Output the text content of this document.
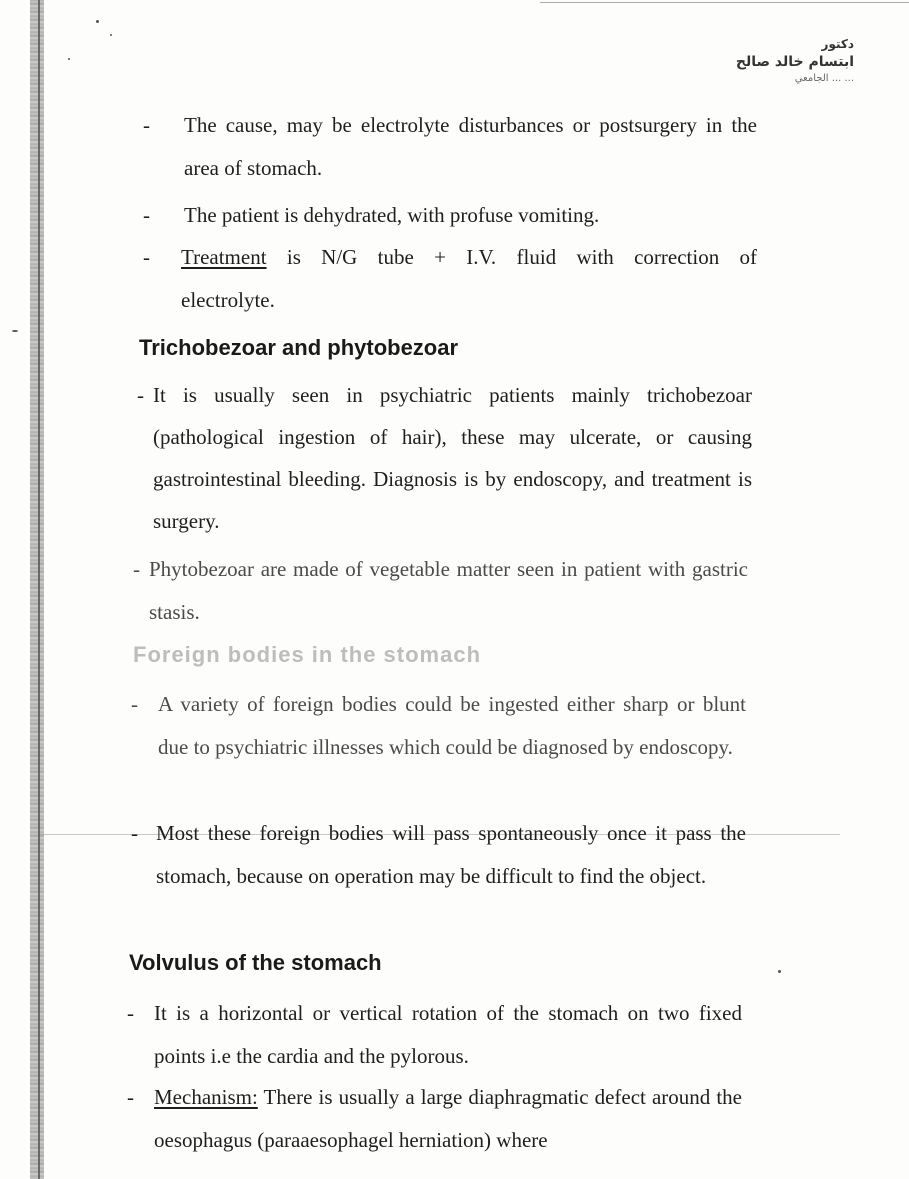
دكتور
ابتسام خالد صالح
... ... الجامعي
- The cause, may be electrolyte disturbances or postsurgery in the area of stomach.
- The patient is dehydrated, with profuse vomiting.
- Treatment is N/G tube + I.V. fluid with correction of electrolyte.
Trichobezoar and phytobezoar
- It is usually seen in psychiatric patients mainly trichobezoar (pathological ingestion of hair), these may ulcerate, or causing gastrointestinal bleeding. Diagnosis is by endoscopy, and treatment is surgery.
- Phytobezoar are made of vegetable matter seen in patient with gastric stasis.
Foreign bodies in the stomach
- A variety of foreign bodies could be ingested either sharp or blunt due to psychiatric illnesses which could be diagnosed by endoscopy.
- Most these foreign bodies will pass spontaneously once it pass the stomach, because on operation may be difficult to find the object.
Volvulus of the stomach
- It is a horizontal or vertical rotation of the stomach on two fixed points i.e the cardia and the pylorous.
- Mechanism: There is usually a large diaphragmatic defect around the oesophagus (paraaesophagel herniation) where
